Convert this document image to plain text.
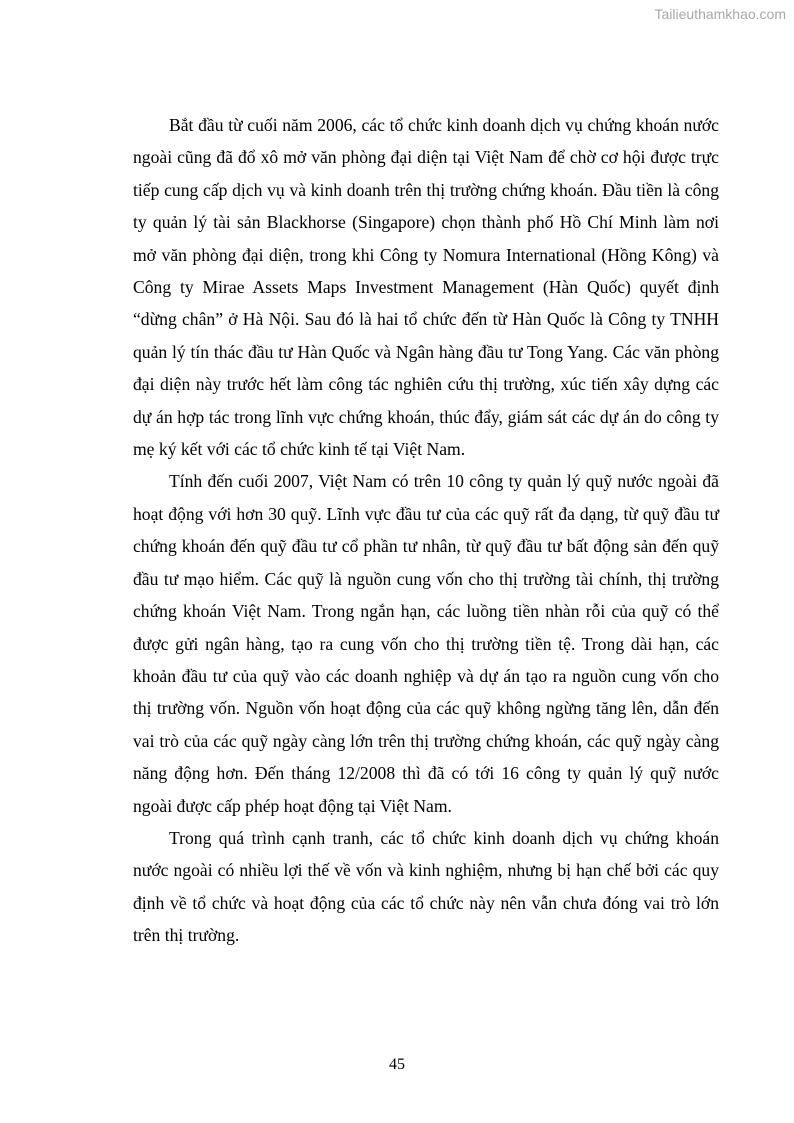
Tailieuthamkhao.com

Bắt đầu từ cuối năm 2006, các tổ chức kinh doanh dịch vụ chứng khoán nước ngoài cũng đã đổ xô mở văn phòng đại diện tại Việt Nam để chờ cơ hội được trực tiếp cung cấp dịch vụ và kinh doanh trên thị trường chứng khoán. Đầu tiền là công ty quản lý tài sản Blackhorse (Singapore) chọn thành phố Hồ Chí Minh làm nơi mở văn phòng đại diện, trong khi Công ty Nomura International (Hồng Kông) và Công ty Mirae Assets Maps Investment Management (Hàn Quốc) quyết định “dừng chân” ở Hà Nội. Sau đó là hai tổ chức đến từ Hàn Quốc là Công ty TNHH quản lý tín thác đầu tư Hàn Quốc và Ngân hàng đầu tư Tong Yang. Các văn phòng đại diện này trước hết làm công tác nghiên cứu thị trường, xúc tiến xây dựng các dự án hợp tác trong lĩnh vực chứng khoán, thúc đẩy, giám sát các dự án do công ty mẹ ký kết với các tổ chức kinh tế tại Việt Nam.

Tính đến cuối 2007, Việt Nam có trên 10 công ty quản lý quỹ nước ngoài đã hoạt động với hơn 30 quỹ. Lĩnh vực đầu tư của các quỹ rất đa dạng, từ quỹ đầu tư chứng khoán đến quỹ đầu tư cổ phần tư nhân, từ quỹ đầu tư bất động sản đến quỹ đầu tư mạo hiểm. Các quỹ là nguồn cung vốn cho thị trường tài chính, thị trường chứng khoán Việt Nam. Trong ngắn hạn, các luồng tiền nhàn rỗi của quỹ có thể được gửi ngân hàng, tạo ra cung vốn cho thị trường tiền tệ. Trong dài hạn, các khoản đầu tư của quỹ vào các doanh nghiệp và dự án tạo ra nguồn cung vốn cho thị trường vốn. Nguồn vốn hoạt động của các quỹ không ngừng tăng lên, dẫn đến vai trò của các quỹ ngày càng lớn trên thị trường chứng khoán, các quỹ ngày càng năng động hơn. Đến tháng 12/2008 thì đã có tới 16 công ty quản lý quỹ nước ngoài được cấp phép hoạt động tại Việt Nam.

Trong quá trình cạnh tranh, các tổ chức kinh doanh dịch vụ chứng khoán nước ngoài có nhiều lợi thế về vốn và kinh nghiệm, nhưng bị hạn chế bởi các quy định về tổ chức và hoạt động của các tổ chức này nên vẫn chưa đóng vai trò lớn trên thị trường.

45
